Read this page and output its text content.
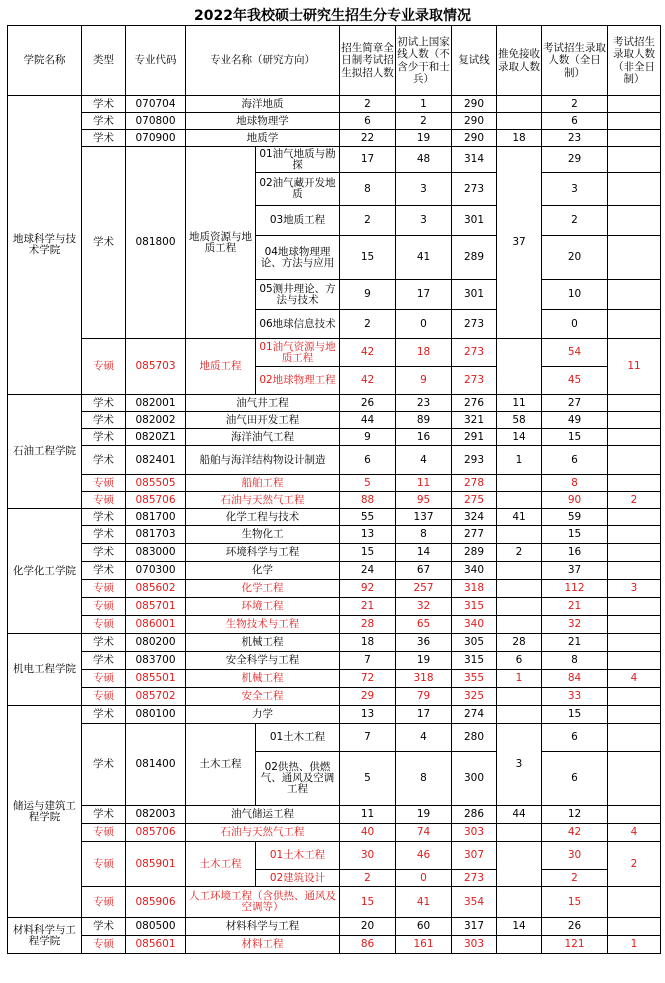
2022年我校硕士研究生招生分专业录取情况
学院名称	类型	专业代码	专业名称（研究方向）		招生简章全日制考试招生拟招人数	初试上国家线人数（不含少干和士兵）	复试线	推免接收录取人数	考试招生录取人数（全日制）	考试招生录取人数（非全日制）
地球科学与技术学院	学术	070704	海洋地质		2	1	290		2	
	学术	070800	地球物理学		6	2	290		6	
	学术	070900	地质学		22	19	290	18	23	
	学术	081800	地质资源与地质工程	01油气地质与勘探	17	48	314	37	29	
				02油气藏开发地质	8	3	273		3	
				03地质工程	2	3	301		2	
				04地球物理理论、方法与应用	15	41	289		20	
				05测井理论、方法与技术	9	17	301		10	
				06地球信息技术	2	0	273		0	
	专硕	085703	地质工程	01油气资源与地质工程	42	18	273		54	11
				02地球物理工程	42	9	273		45	

石油工程学院	学术	082001	油气井工程		26	23	276	11	27	
	学术	082002	油气田开发工程		44	89	321	58	49	
	学术	0820Z1	海洋油气工程		9	16	291	14	15	
	学术	082401	船舶与海洋结构物设计制造		6	4	293	1	6	
	专硕	085505	船舶工程		5	11	278		8	
	专硕	085706	石油与天然气工程		88	95	275		90	2
化学化工学院	学术	081700	化学工程与技术		55	137	324	41	59	
	学术	081703	生物化工		13	8	277		15	
	学术	083000	环境科学与工程		15	14	289	2	16	
	学术	070300	化学		24	67	340		37	
	专硕	085602	化学工程		92	257	318		112	3
	专硕	085701	环境工程		21	32	315		21	
	专硕	086001	生物技术与工程		28	65	340		32	
机电工程学院	学术	080200	机械工程		18	36	305	28	21	
	学术	083700	安全科学与工程		7	19	315	6	8	
	专硕	085501	机械工程		72	318	355	1	84	4
	专硕	085702	安全工程		29	79	325		33	
储运与建筑工程学院	学术	080100	力学		13	17	274		15	
	学术	081400	土木工程	01土木工程	7	4	280	3	6	
				02供热、供燃气、通风及空调工程	5	8	300		6	
	学术	082003	油气储运工程		11	19	286	44	12	
	专硕	085706	石油与天然气工程		40	74	303		42	4
	专硕	085901	土木工程	01土木工程	30	46	307		30	2
				02建筑设计	2	0	273		2	
	专硕	085906	人工环境工程（含供热、通风及空调等）		15	41	354		15	

材料科学与工程学院	学术	080500	材料科学与工程		20	60	317	14	26	
	专硕	085601	材料工程		86	161	303		121	1
